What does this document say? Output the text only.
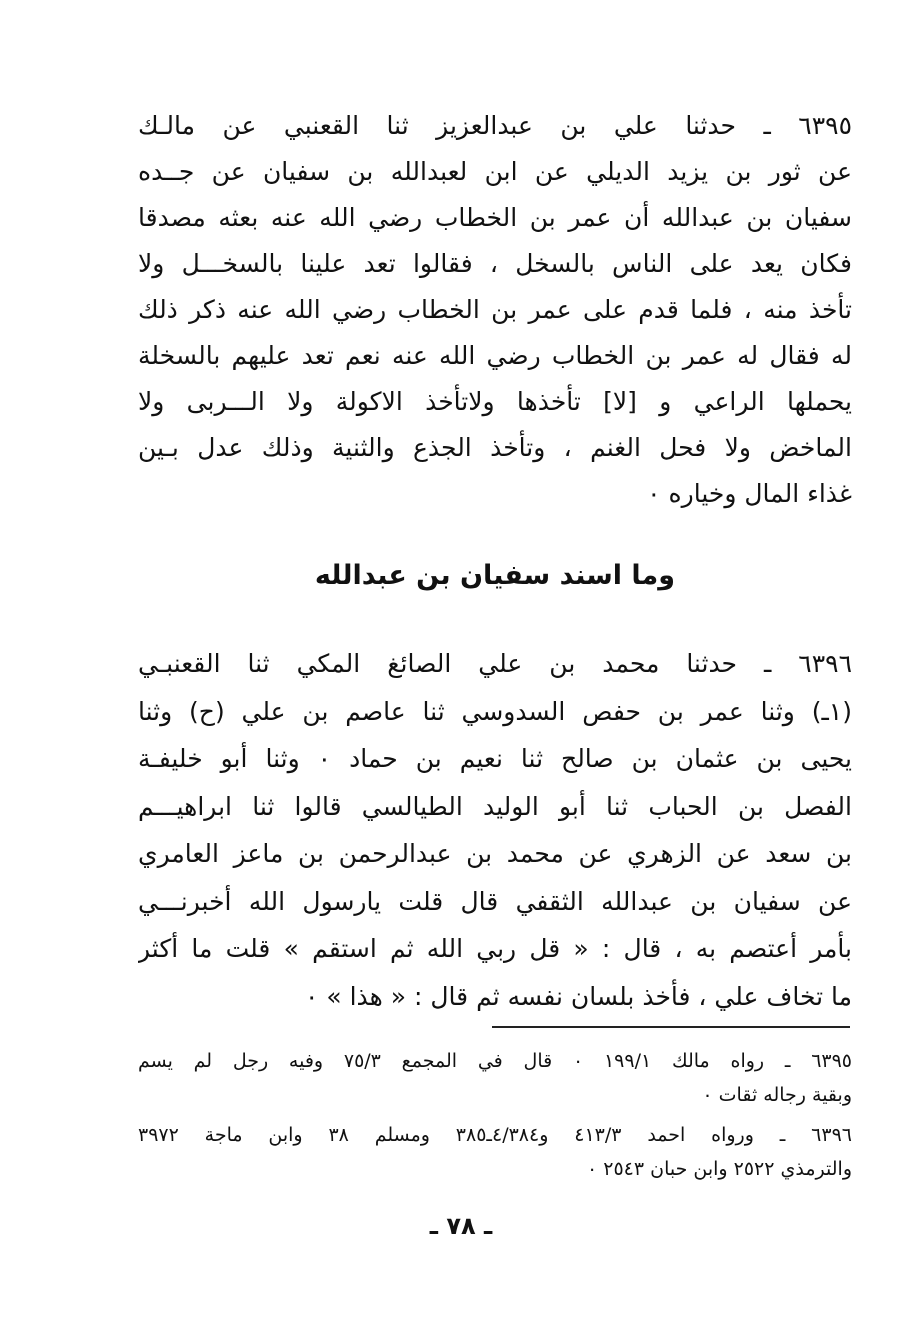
٦٣٩٥ ـ حدثنا علي بن عبدالعزيز ثنا القعنبي عن مالـك
عن ثور بن يزيد الديلي عن ابن لعبدالله بن سفيان عن جــده
سفيان بن عبدالله أن عمر بن الخطاب رضي الله عنه بعثه مصدقا
فكان يعد على الناس بالسخل ، فقالوا تعد علينا بالسخـــل ولا
تأخذ منه ، فلما قدم على عمر بن الخطاب رضي الله عنه ذكر ذلك
له فقال له عمر بن الخطاب رضي الله عنه نعم تعد عليهم بالسخلة
يحملها الراعي و [لا] تأخذها ولاتأخذ الاكولة ولا الـــربى ولا
الماخض ولا فحل الغنم ، وتأخذ الجذع والثنية وذلك عدل بـين
غذاء المال وخياره ٠
وما اسند سفيان بن عبدالله
٦٣٩٦ ـ حدثنا محمد بن علي الصائغ المكي ثنا القعنبـي
(١ـ) وثنا عمر بن حفص السدوسي ثنا عاصم بن علي (ح) وثنا
يحيى بن عثمان بن صالح ثنا نعيم بن حماد ٠ وثنا أبو خليفـة
الفصل بن الحباب ثنا أبو الوليد الطيالسي قالوا ثنا ابراهيـــم
بن سعد عن الزهري عن محمد بن عبدالرحمن بن ماعز العامري
عن سفيان بن عبدالله الثقفي قال قلت يارسول الله أخبرنـــي
بأمر أعتصم به ، قال : « قل ربي الله ثم استقم » قلت ما أكثر
ما تخاف علي ، فأخذ بلسان نفسه ثم قال : « هذا » ٠
٦٣٩٥ ـ رواه مالك ١٩٩/١ ٠ قال في المجمع ٧٥/٣ وفيه رجل لم يسم
وبقية رجاله ثقات ٠
٦٣٩٦ ـ ورواه احمد ٤١٣/٣ و٤/٣٨٤ـ٣٨٥ ومسلم ٣٨ وابن ماجة ٣٩٧٢
والترمذي ٢٥٢٢ وابن حبان ٢٥٤٣ ٠
ـ ٧٨ ـ
